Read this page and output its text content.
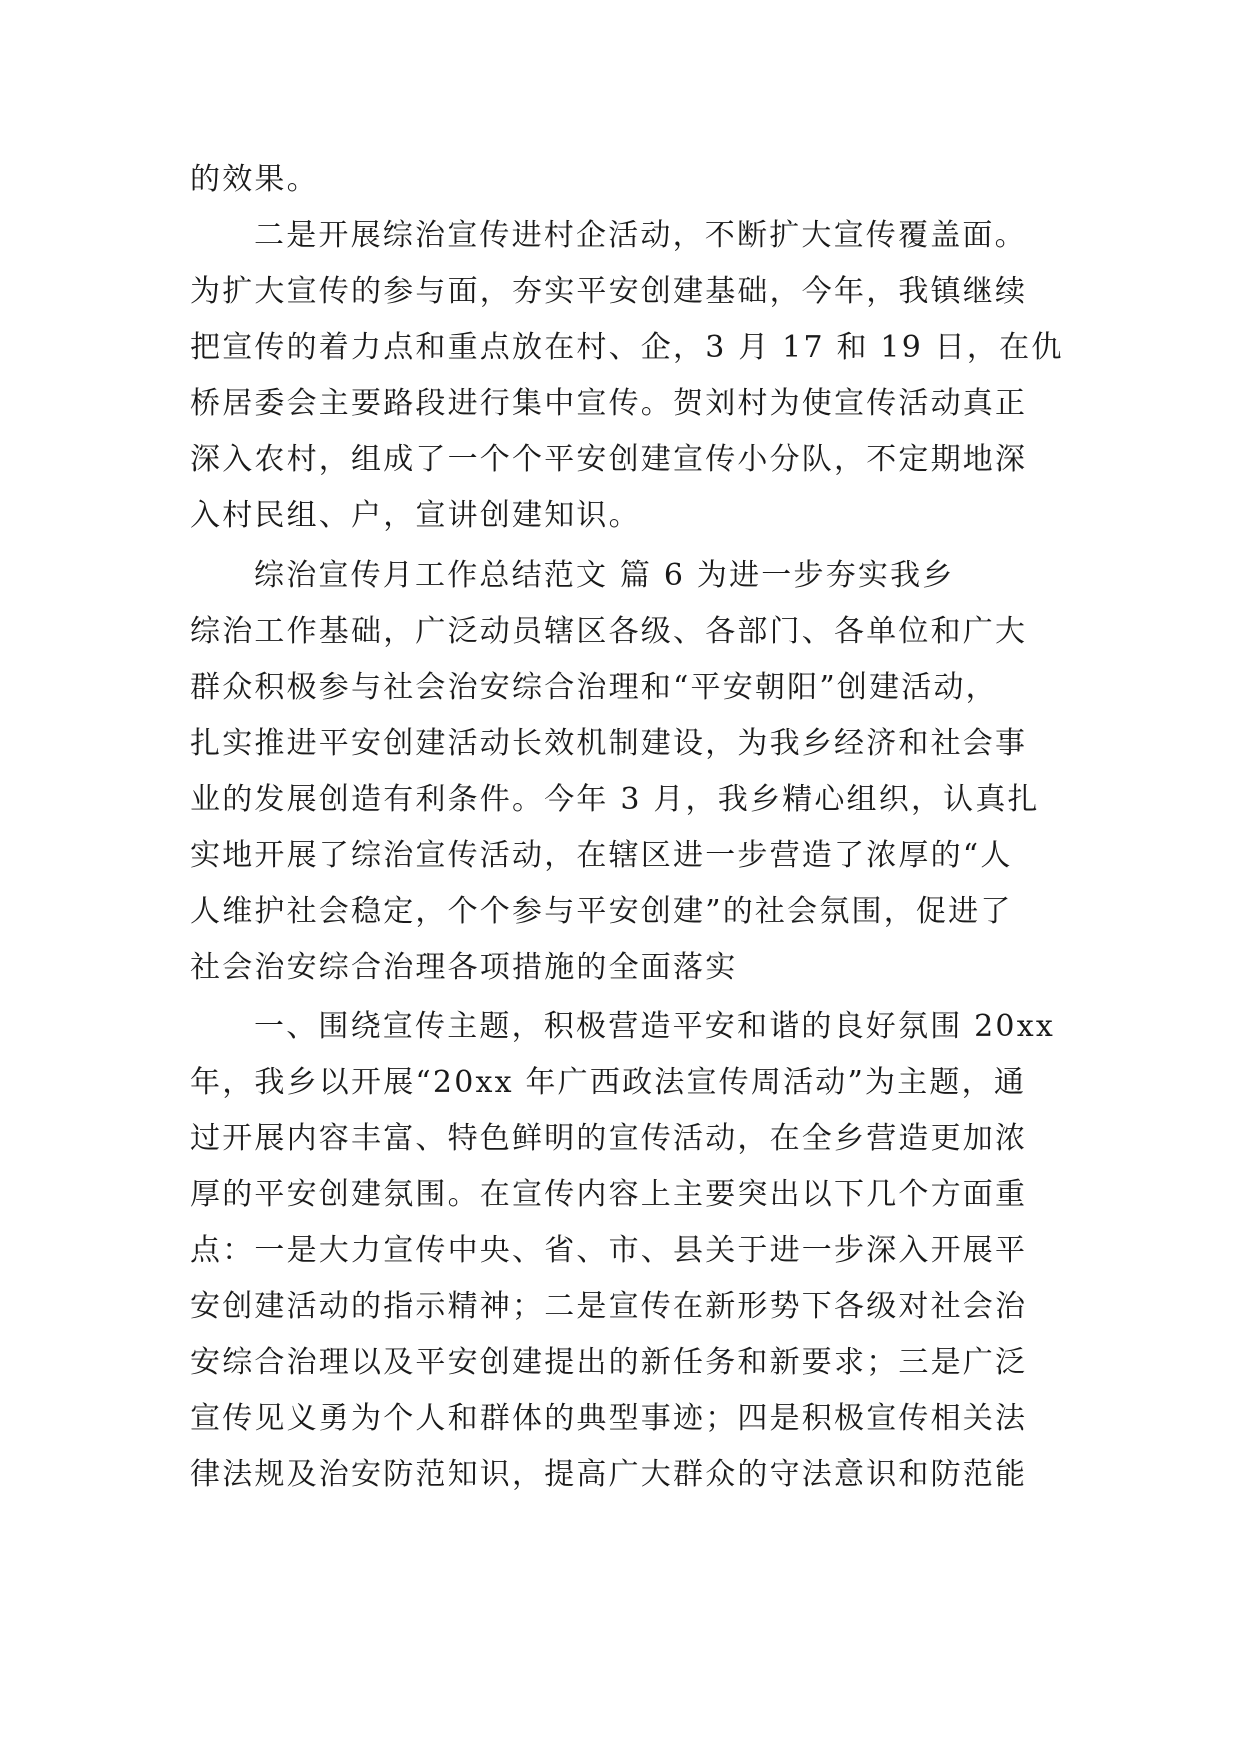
的效果。
二是开展综治宣传进村企活动，不断扩大宣传覆盖面。
为扩大宣传的参与面，夯实平安创建基础，今年，我镇继续
把宣传的着力点和重点放在村、企，3 月 17 和 19 日，在仇
桥居委会主要路段进行集中宣传。贺刘村为使宣传活动真正
深入农村，组成了一个个平安创建宣传小分队，不定期地深
入村民组、户，宣讲创建知识。
综治宣传月工作总结范文 篇 6 为进一步夯实我乡
综治工作基础，广泛动员辖区各级、各部门、各单位和广大
群众积极参与社会治安综合治理和“平安朝阳”创建活动，
扎实推进平安创建活动长效机制建设，为我乡经济和社会事
业的发展创造有利条件。今年 3 月，我乡精心组织，认真扎
实地开展了综治宣传活动，在辖区进一步营造了浓厚的“人
人维护社会稳定，个个参与平安创建”的社会氛围，促进了
社会治安综合治理各项措施的全面落实
一、围绕宣传主题，积极营造平安和谐的良好氛围 20xx
年，我乡以开展“20xx 年广西政法宣传周活动”为主题，通
过开展内容丰富、特色鲜明的宣传活动，在全乡营造更加浓
厚的平安创建氛围。在宣传内容上主要突出以下几个方面重
点：一是大力宣传中央、省、市、县关于进一步深入开展平
安创建活动的指示精神；二是宣传在新形势下各级对社会治
安综合治理以及平安创建提出的新任务和新要求；三是广泛
宣传见义勇为个人和群体的典型事迹；四是积极宣传相关法
律法规及治安防范知识，提高广大群众的守法意识和防范能
